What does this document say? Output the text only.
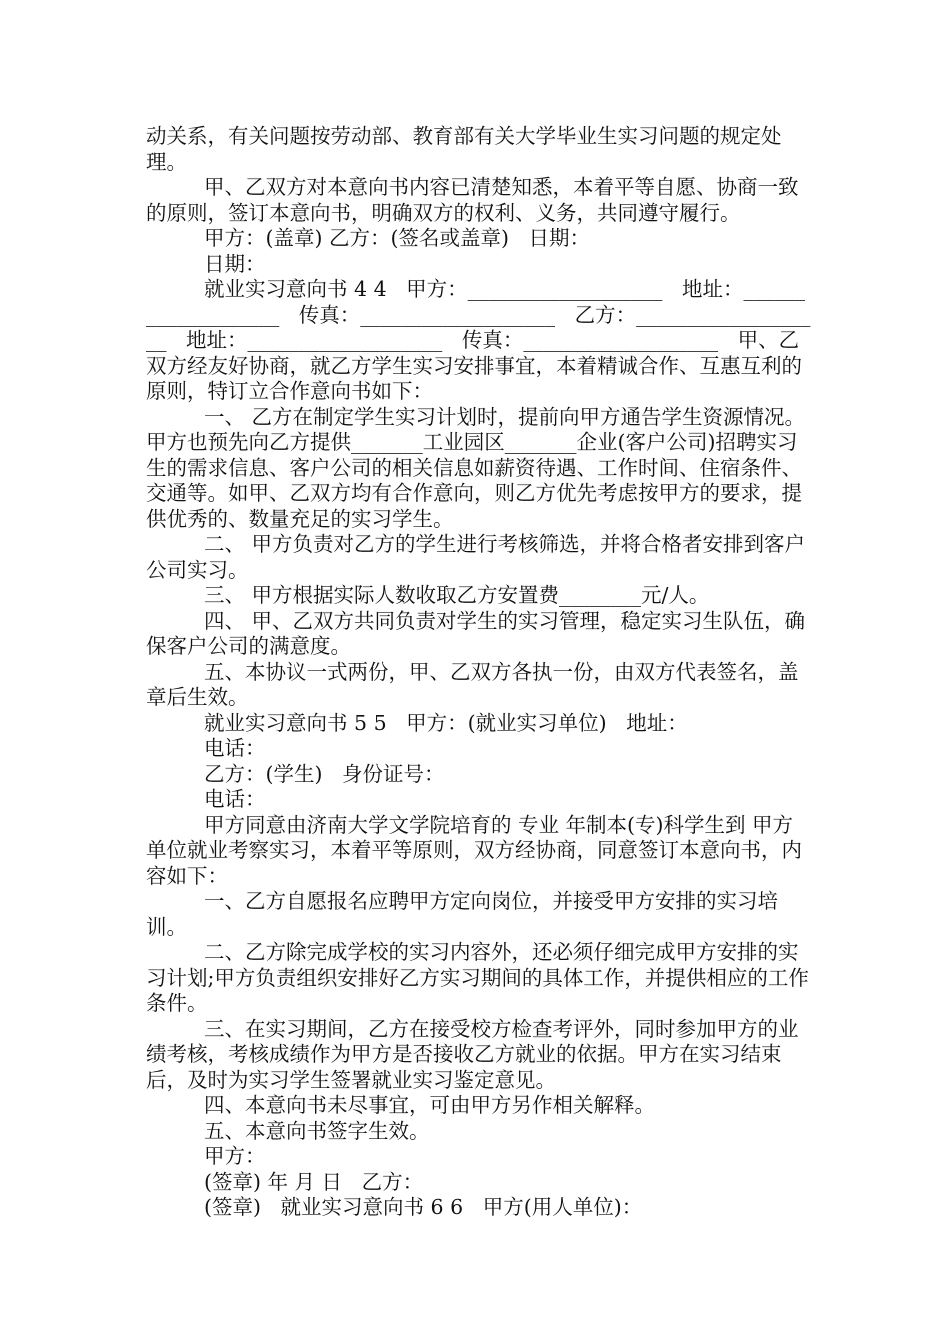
动关系，有关问题按劳动部、教育部有关大学毕业生实习问题的规定处理。

甲、乙双方对本意向书内容已清楚知悉，本着平等自愿、协商一致的原则，签订本意向书，明确双方的权利、义务，共同遵守履行。

甲方：(盖章) 乙方：(签名或盖章)   日期：

日期：

就业实习意向书 4 4   甲方：___________________   地址：___________________   传真：___________________   乙方：___________________   地址：___________________   传真：___________________   甲、乙双方经友好协商，就乙方学生实习安排事宜，本着精诚合作、互惠互利的原则，特订立合作意向书如下：

一、 乙方在制定学生实习计划时，提前向甲方通告学生资源情况。甲方也预先向乙方提供_______工业园区_______企业(客户公司)招聘实习生的需求信息、客户公司的相关信息如薪资待遇、工作时间、住宿条件、交通等。如甲、乙双方均有合作意向，则乙方优先考虑按甲方的要求，提供优秀的、数量充足的实习学生。

二、 甲方负责对乙方的学生进行考核筛选，并将合格者安排到客户公司实习。

三、 甲方根据实际人数收取乙方安置费________元/人。

四、 甲、乙双方共同负责对学生的实习管理，稳定实习生队伍，确保客户公司的满意度。

五、本协议一式两份，甲、乙双方各执一份，由双方代表签名，盖章后生效。

就业实习意向书 5 5   甲方：(就业实习单位)   地址：

电话：

乙方：(学生)   身份证号：

电话：

甲方同意由济南大学文学院培育的 专业 年制本(专)科学生到 甲方单位就业考察实习，本着平等原则，双方经协商，同意签订本意向书，内容如下：

一、乙方自愿报名应聘甲方定向岗位，并接受甲方安排的实习培训。

二、乙方除完成学校的实习内容外，还必须仔细完成甲方安排的实习计划;甲方负责组织安排好乙方实习期间的具体工作，并提供相应的工作条件。

三、在实习期间，乙方在接受校方检查考评外，同时参加甲方的业绩考核，考核成绩作为甲方是否接收乙方就业的依据。甲方在实习结束后，及时为实习学生签署就业实习鉴定意见。

四、本意向书未尽事宜，可由甲方另作相关解释。

五、本意向书签字生效。

甲方：

(签章) 年 月 日   乙方：

(签章)   就业实习意向书 6 6   甲方(用人单位)：
